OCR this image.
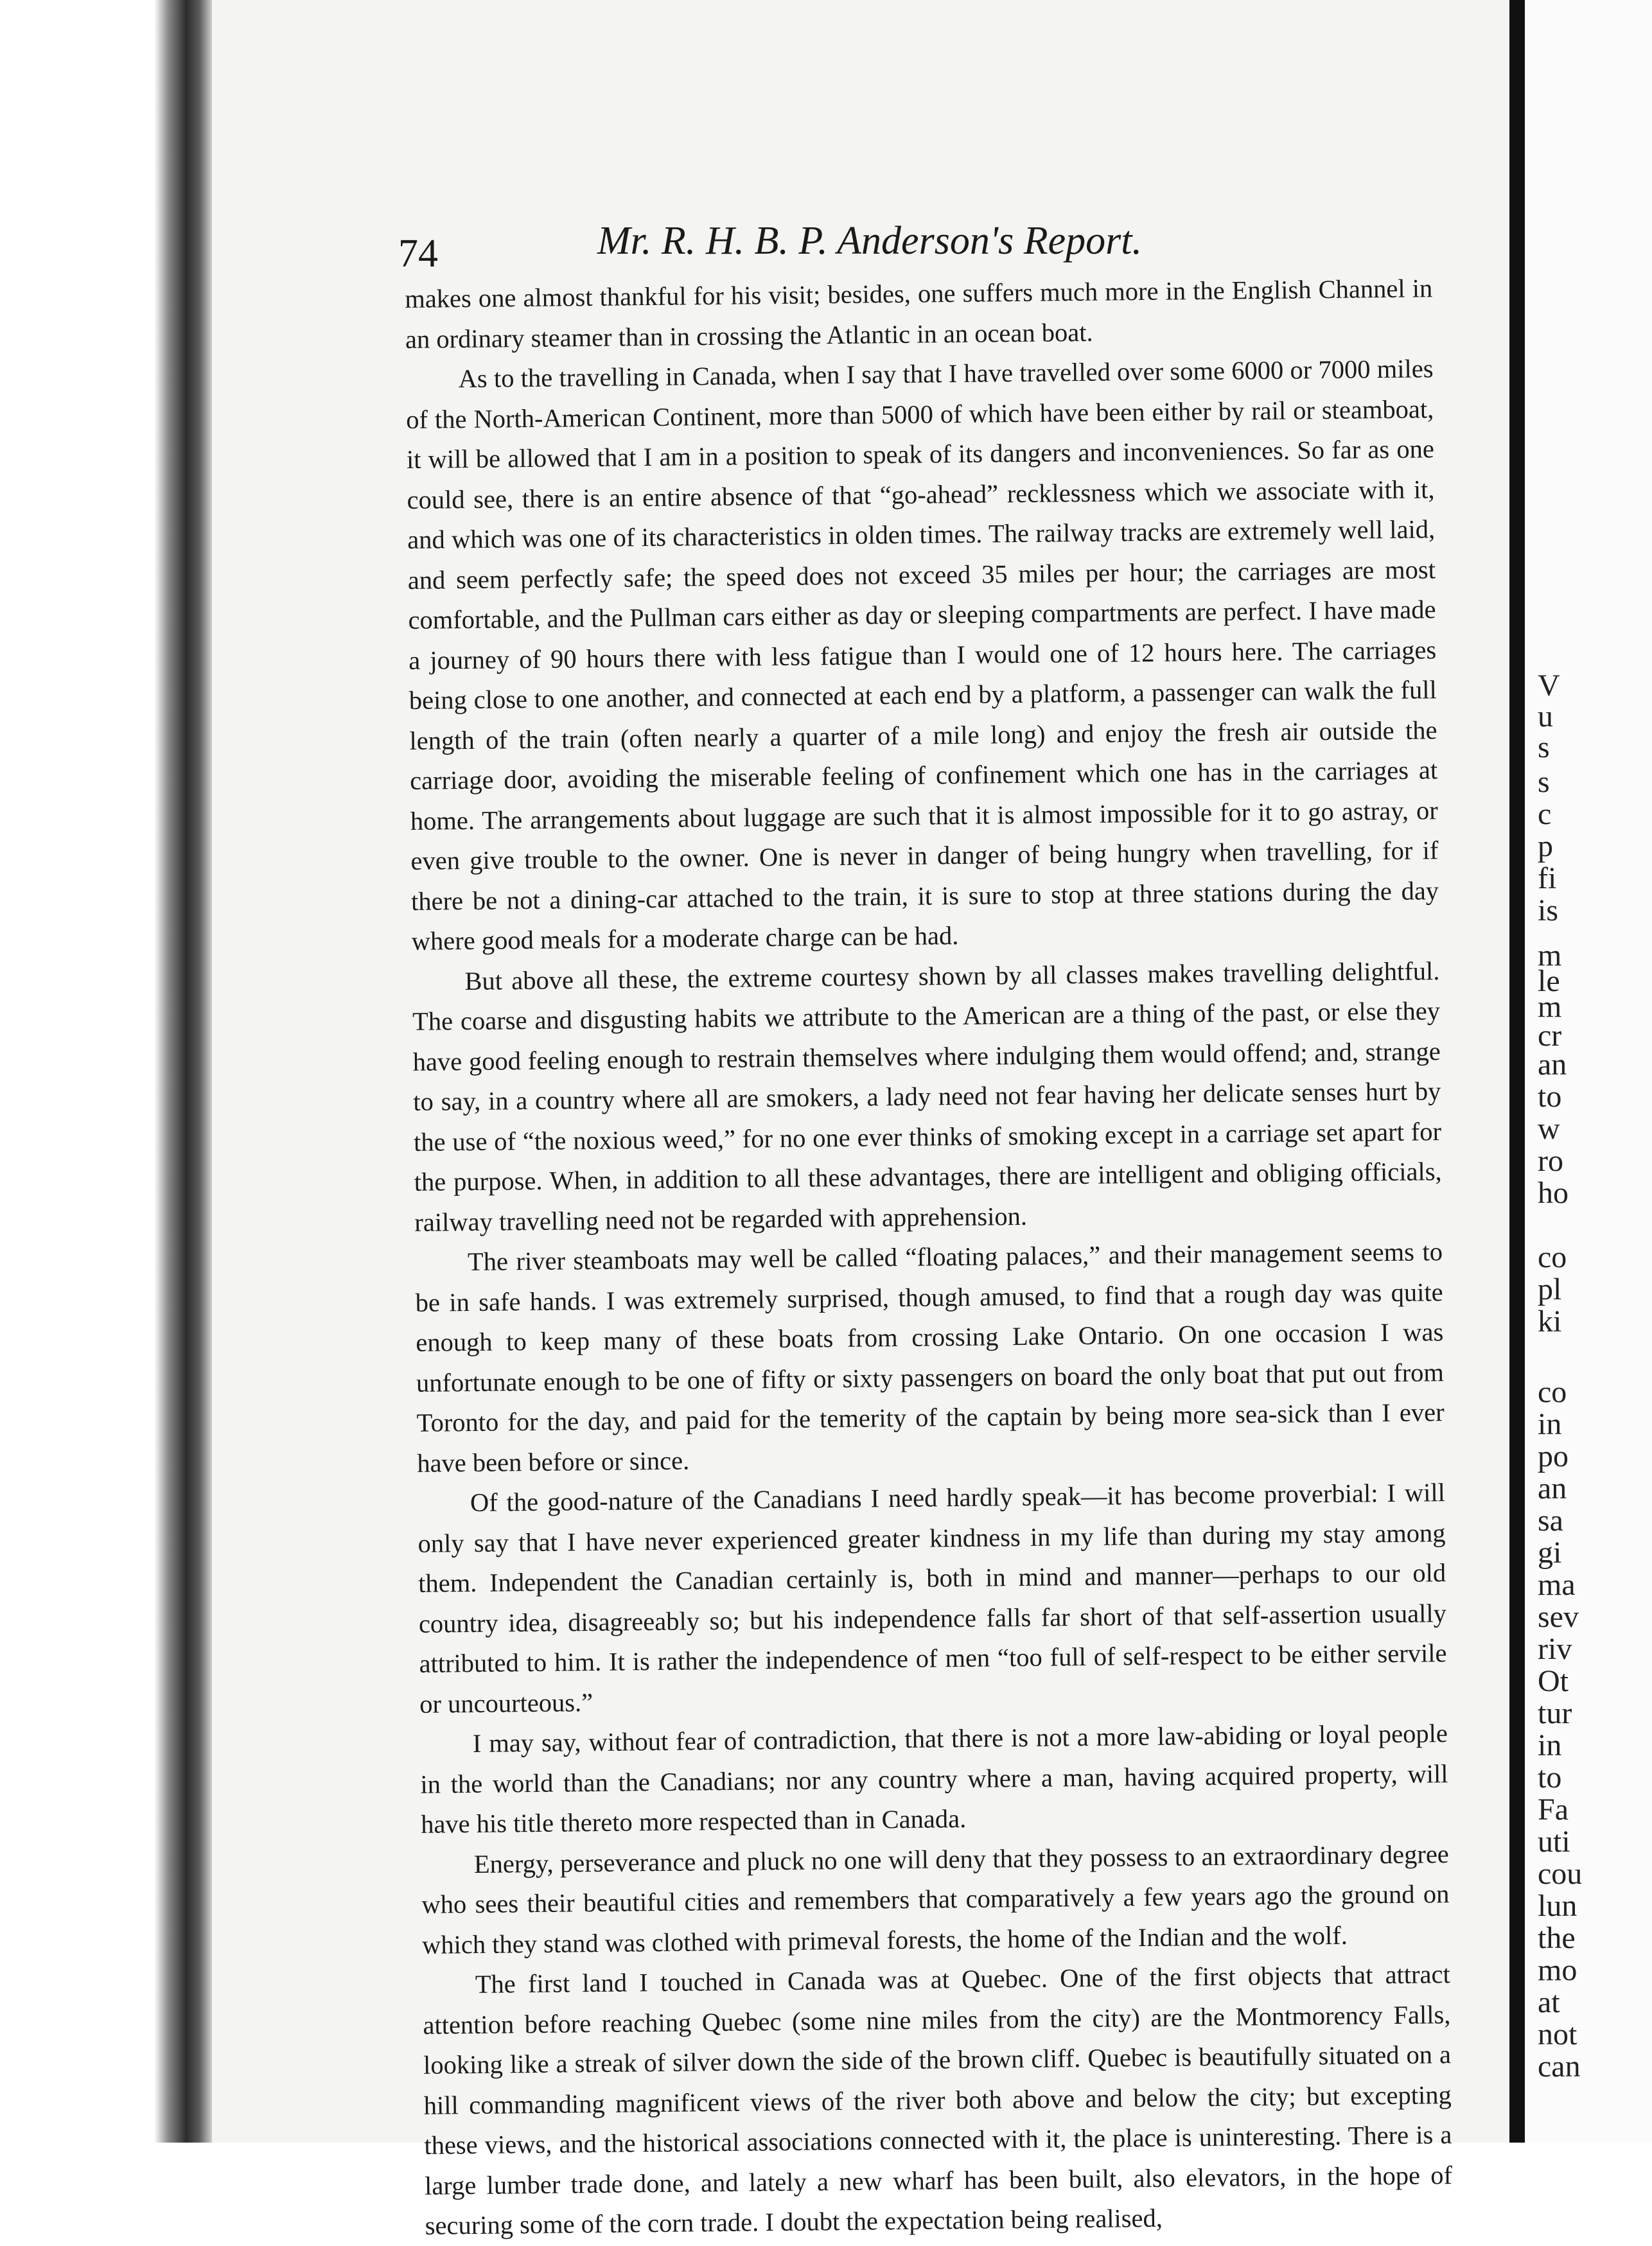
74	Mr. R. H. B. P. Anderson's Report.

makes one almost thankful for his visit; besides, one suffers much more in the English Channel in an ordinary steamer than in crossing the Atlantic in an ocean boat.

As to the travelling in Canada, when I say that I have travelled over some 6000 or 7000 miles of the North-American Continent, more than 5000 of which have been either by rail or steamboat, it will be allowed that I am in a position to speak of its dangers and inconveniences. So far as one could see, there is an entire absence of that “go-ahead” recklessness which we associate with it, and which was one of its characteristics in olden times. The railway tracks are extremely well laid, and seem perfectly safe; the speed does not exceed 35 miles per hour; the carriages are most comfortable, and the Pullman cars either as day or sleeping compartments are perfect. I have made a journey of 90 hours there with less fatigue than I would one of 12 hours here. The carriages being close to one another, and connected at each end by a platform, a passenger can walk the full length of the train (often nearly a quarter of a mile long) and enjoy the fresh air outside the carriage door, avoiding the miserable feeling of confinement which one has in the carriages at home. The arrangements about luggage are such that it is almost impossible for it to go astray, or even give trouble to the owner. One is never in danger of being hungry when travelling, for if there be not a dining-car attached to the train, it is sure to stop at three stations during the day where good meals for a moderate charge can be had.

But above all these, the extreme courtesy shown by all classes makes travelling delightful. The coarse and disgusting habits we attribute to the American are a thing of the past, or else they have good feeling enough to restrain themselves where indulging them would offend; and, strange to say, in a country where all are smokers, a lady need not fear having her delicate senses hurt by the use of “the noxious weed,” for no one ever thinks of smoking except in a carriage set apart for the purpose. When, in addition to all these advantages, there are intelligent and obliging officials, railway travelling need not be regarded with apprehension.

The river steamboats may well be called “floating palaces,” and their management seems to be in safe hands. I was extremely surprised, though amused, to find that a rough day was quite enough to keep many of these boats from crossing Lake Ontario. On one occasion I was unfortunate enough to be one of fifty or sixty passengers on board the only boat that put out from Toronto for the day, and paid for the temerity of the captain by being more sea-sick than I ever have been before or since.

Of the good-nature of the Canadians I need hardly speak—it has become proverbial: I will only say that I have never experienced greater kindness in my life than during my stay among them. Independent the Canadian certainly is, both in mind and manner—perhaps to our old country idea, disagreeably so; but his independence falls far short of that self-assertion usually attributed to him. It is rather the independence of men “too full of self-respect to be either servile or uncourteous.”

I may say, without fear of contradiction, that there is not a more law-abiding or loyal people in the world than the Canadians; nor any country where a man, having acquired property, will have his title thereto more respected than in Canada.

Energy, perseverance and pluck no one will deny that they possess to an extraordinary degree who sees their beautiful cities and remembers that comparatively a few years ago the ground on which they stand was clothed with primeval forests, the home of the Indian and the wolf.

The first land I touched in Canada was at Quebec. One of the first objects that attract attention before reaching Quebec (some nine miles from the city) are the Montmorency Falls, looking like a streak of silver down the side of the brown cliff. Quebec is beautifully situated on a hill commanding magnificent views of the river both above and below the city; but excepting these views, and the historical associations connected with it, the place is uninteresting. There is a large lumber trade done, and lately a new wharf has been built, also elevators, in the hope of securing some of the corn trade. I doubt the expectation being realised,

V
u
s
s
c
p
fi
is
m
le
m
cr
an
to
w
ro
ho
co
pl
ki
co
in
po
an
sa
gi
ma
sev
riv
Ot
tur
in
to
Fa
uti
cou
lun
the
mo
at
not
can
